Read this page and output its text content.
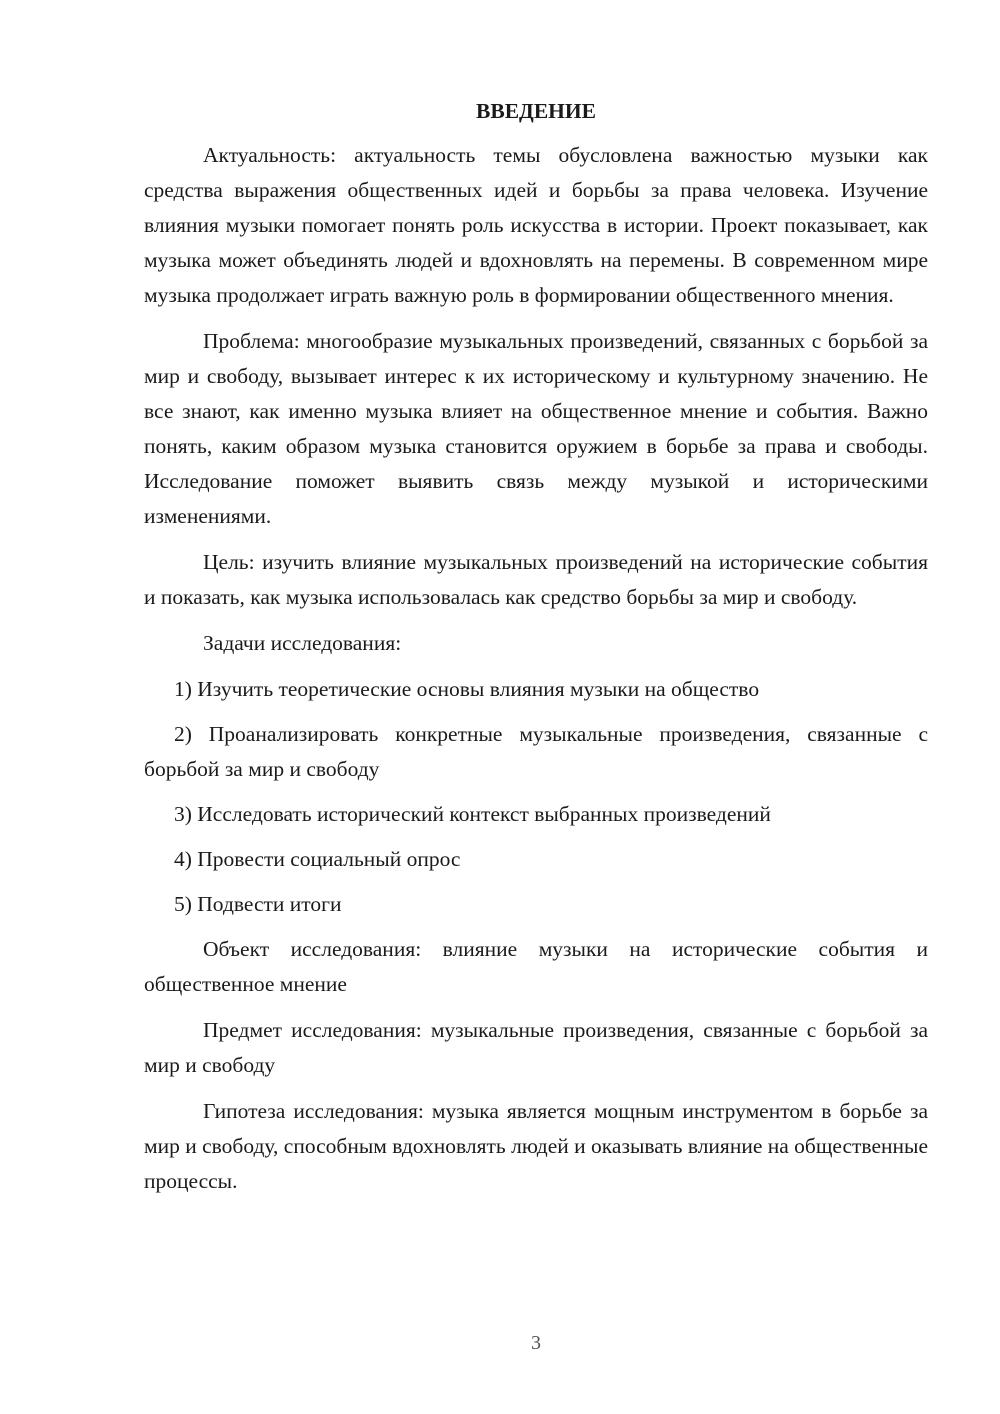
ВВЕДЕНИЕ

Актуальность: актуальность темы обусловлена важностью музыки как средства выражения общественных идей и борьбы за права человека. Изучение влияния музыки помогает понять роль искусства в истории. Проект показывает, как музыка может объединять людей и вдохновлять на перемены. В современном мире музыка продолжает играть важную роль в формировании общественного мнения.

Проблема: многообразие музыкальных произведений, связанных с борьбой за мир и свободу, вызывает интерес к их историческому и культурному значению. Не все знают, как именно музыка влияет на общественное мнение и события. Важно понять, каким образом музыка становится оружием в борьбе за права и свободы. Исследование поможет выявить связь между музыкой и историческими изменениями.

Цель: изучить влияние музыкальных произведений на исторические события и показать, как музыка использовалась как средство борьбы за мир и свободу.

Задачи исследования:

1) Изучить теоретические основы влияния музыки на общество

2) Проанализировать конкретные музыкальные произведения, связанные с борьбой за мир и свободу

3) Исследовать исторический контекст выбранных произведений

4) Провести социальный опрос

5) Подвести итоги

Объект исследования: влияние музыки на исторические события и общественное мнение

Предмет исследования: музыкальные произведения, связанные с борьбой за мир и свободу

Гипотеза исследования: музыка является мощным инструментом в борьбе за мир и свободу, способным вдохновлять людей и оказывать влияние на общественные процессы.

3
